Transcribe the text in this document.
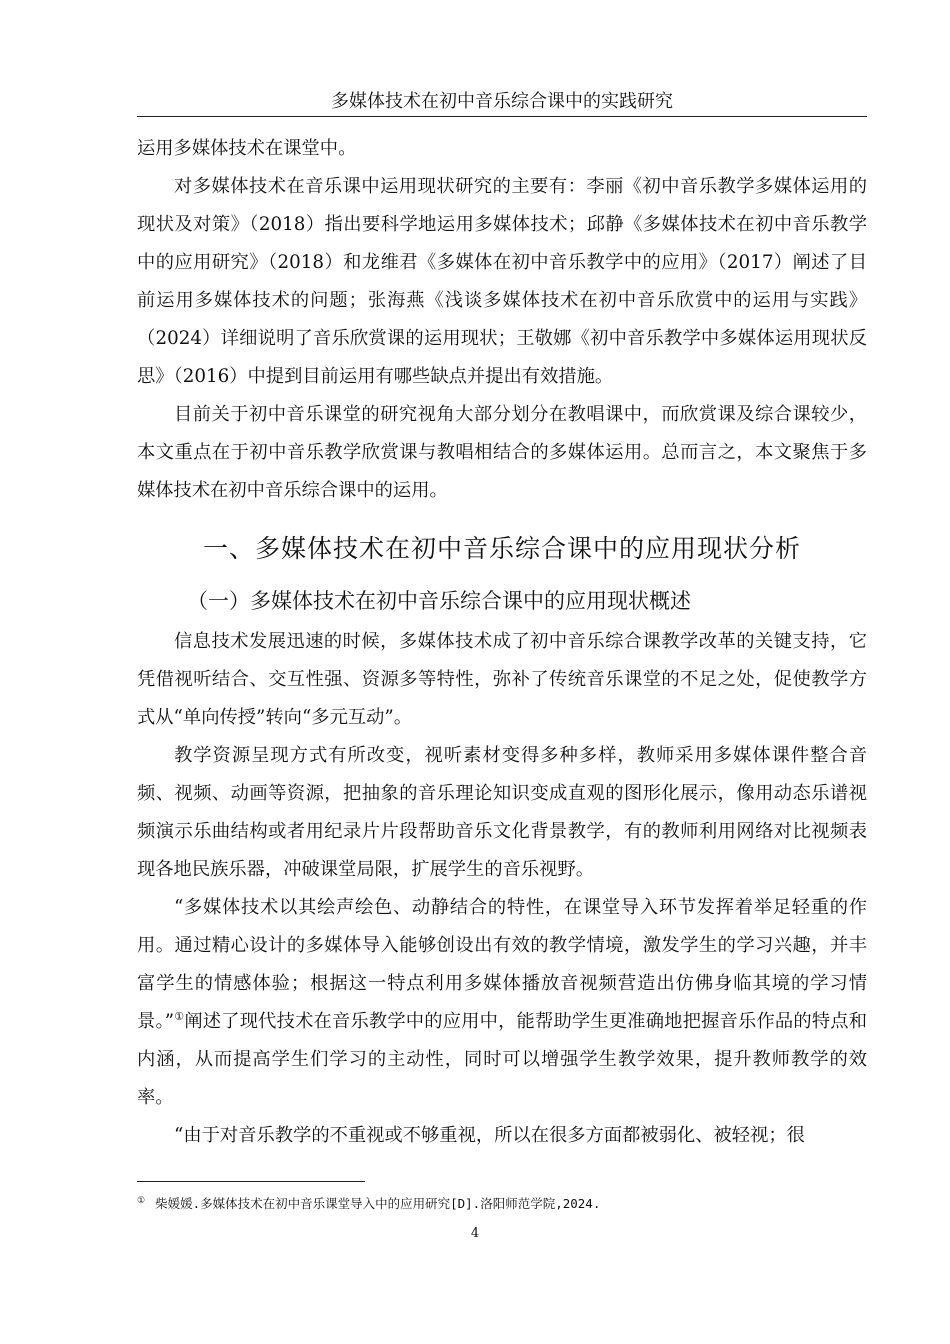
多媒体技术在初中音乐综合课中的实践研究

运用多媒体技术在课堂中。

对多媒体技术在音乐课中运用现状研究的主要有：李丽《初中音乐教学多媒体运用的现状及对策》（2018）指出要科学地运用多媒体技术；邱静《多媒体技术在初中音乐教学中的应用研究》（2018）和龙维君《多媒体在初中音乐教学中的应用》（2017）阐述了目前运用多媒体技术的问题；张海燕《浅谈多媒体技术在初中音乐欣赏中的运用与实践》（2024）详细说明了音乐欣赏课的运用现状；王敬娜《初中音乐教学中多媒体运用现状反思》（2016）中提到目前运用有哪些缺点并提出有效措施。

目前关于初中音乐课堂的研究视角大部分划分在教唱课中，而欣赏课及综合课较少，本文重点在于初中音乐教学欣赏课与教唱相结合的多媒体运用。总而言之，本文聚焦于多媒体技术在初中音乐综合课中的运用。

一、多媒体技术在初中音乐综合课中的应用现状分析
（一）多媒体技术在初中音乐综合课中的应用现状概述

信息技术发展迅速的时候，多媒体技术成了初中音乐综合课教学改革的关键支持，它凭借视听结合、交互性强、资源多等特性，弥补了传统音乐课堂的不足之处，促使教学方式从“单向传授”转向“多元互动”。

教学资源呈现方式有所改变，视听素材变得多种多样，教师采用多媒体课件整合音频、视频、动画等资源，把抽象的音乐理论知识变成直观的图形化展示，像用动态乐谱视频演示乐曲结构或者用纪录片片段帮助音乐文化背景教学，有的教师利用网络对比视频表现各地民族乐器，冲破课堂局限，扩展学生的音乐视野。

“多媒体技术以其绘声绘色、动静结合的特性，在课堂导入环节发挥着举足轻重的作用。通过精心设计的多媒体导入能够创设出有效的教学情境，激发学生的学习兴趣，并丰富学生的情感体验；根据这一特点利用多媒体播放音视频营造出仿佛身临其境的学习情景。”①阐述了现代技术在音乐教学中的应用中，能帮助学生更准确地把握音乐作品的特点和内涵，从而提高学生们学习的主动性，同时可以增强学生教学效果，提升教师教学的效率。

“由于对音乐教学的不重视或不够重视，所以在很多方面都被弱化、被轻视；很

① 柴媛媛.多媒体技术在初中音乐课堂导入中的应用研究[D].洛阳师范学院,2024.
4
